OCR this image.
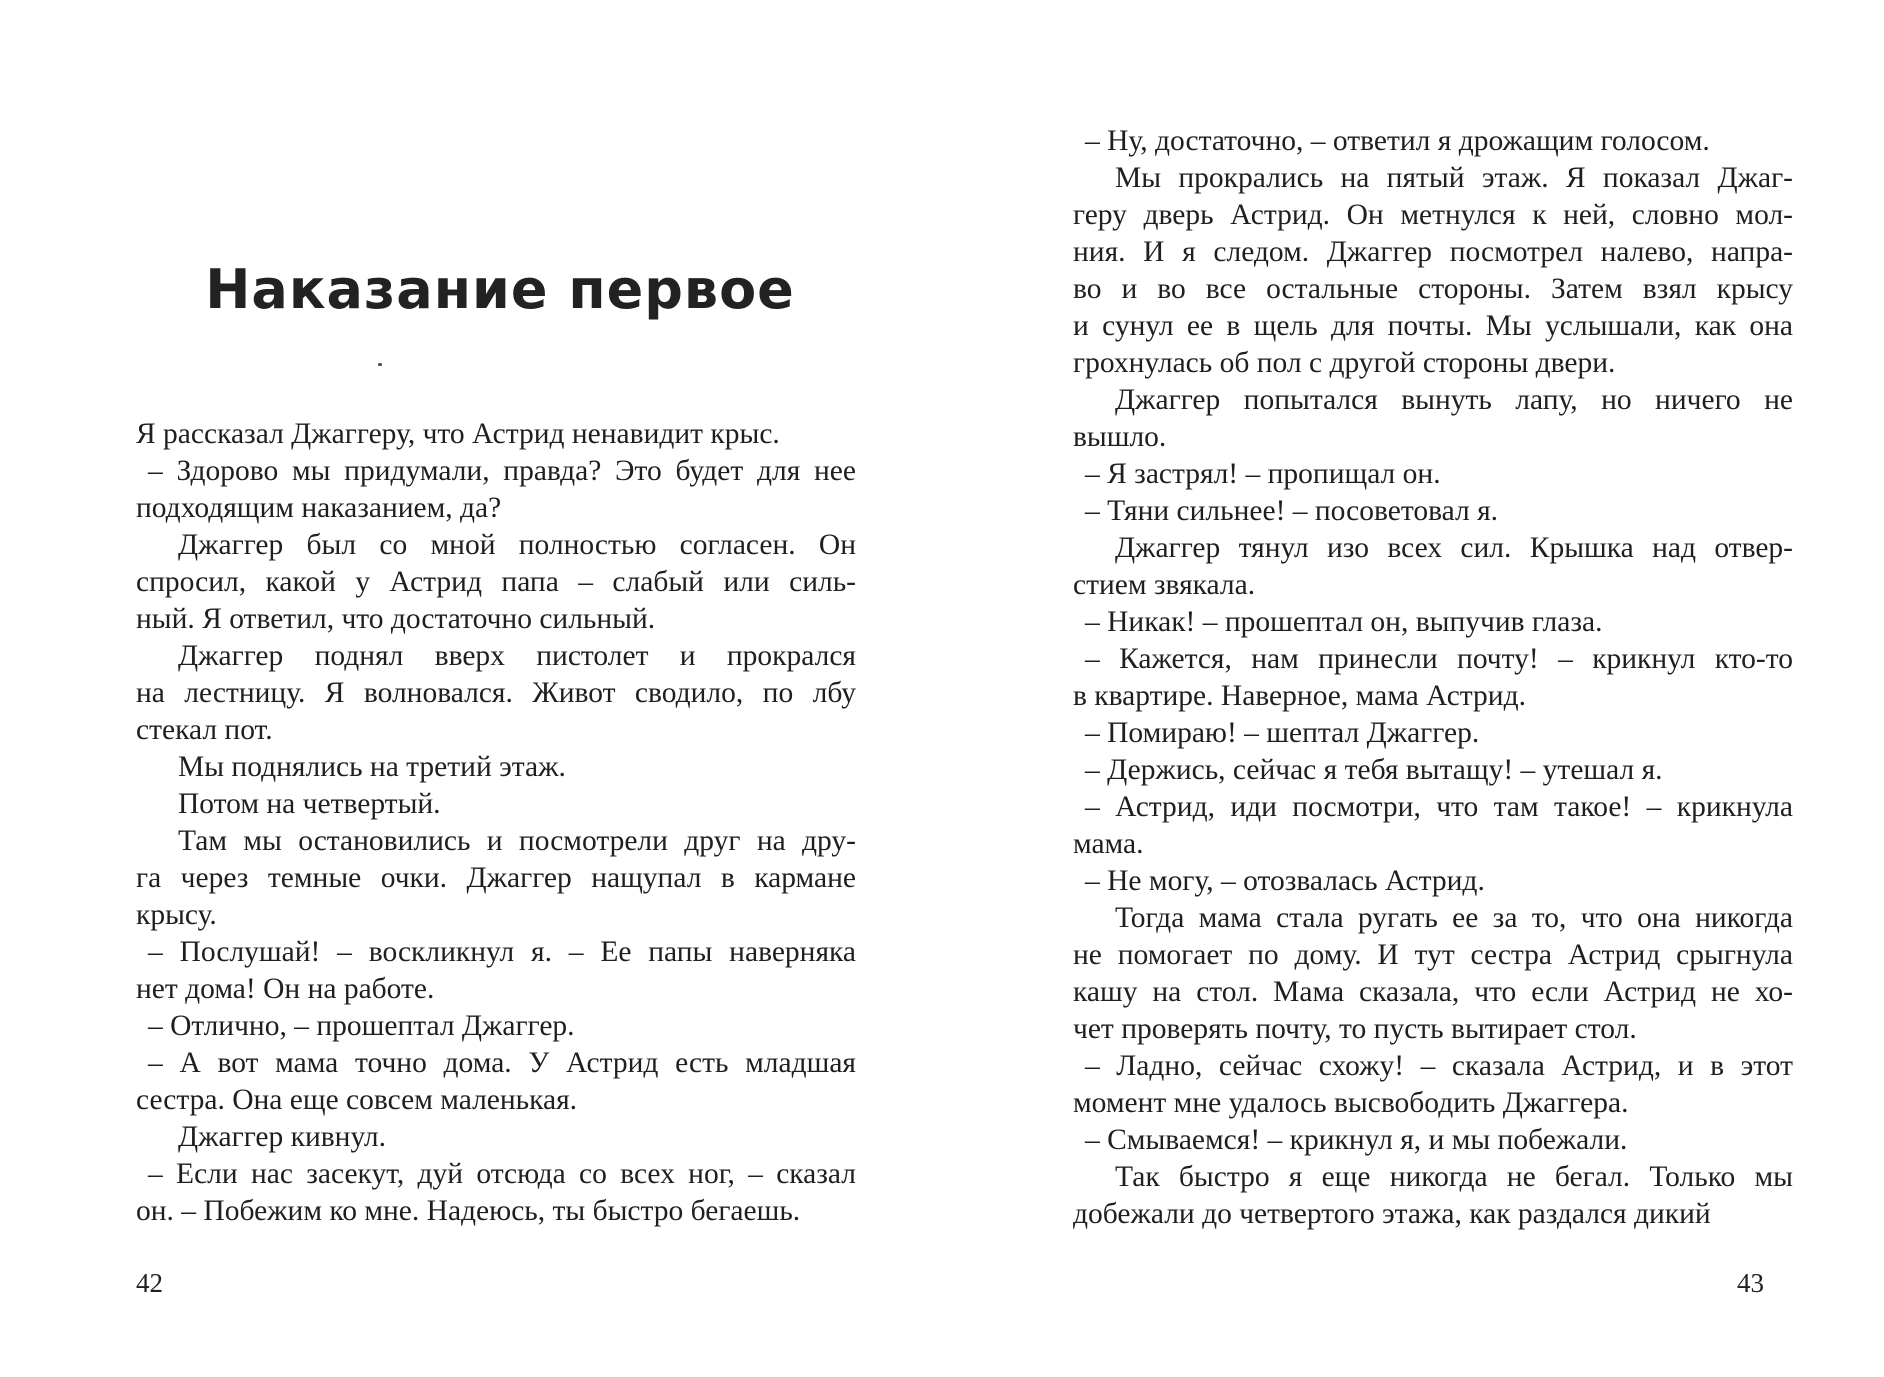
Наказание первое
Я рассказал Джаггеру, что Астрид ненавидит крыс.
– Здорово мы придумали, правда? Это будет для нее
подходящим наказанием, да?
Джаггер был со мной полностью согласен. Он
спросил, какой у Астрид папа – слабый или силь-
ный. Я ответил, что достаточно сильный.
Джаггер поднял вверх пистолет и прокрался
на лестницу. Я волновался. Живот сводило, по лбу
стекал пот.
Мы поднялись на третий этаж.
Потом на четвертый.
Там мы остановились и посмотрели друг на дру-
га через темные очки. Джаггер нащупал в кармане
крысу.
– Послушай! – воскликнул я. – Ее папы наверняка
нет дома! Он на работе.
– Отлично, – прошептал Джаггер.
– А вот мама точно дома. У Астрид есть младшая
сестра. Она еще совсем маленькая.
Джаггер кивнул.
– Если нас засекут, дуй отсюда со всех ног, – сказал
он. – Побежим ко мне. Надеюсь, ты быстро бегаешь.
42
– Ну, достаточно, – ответил я дрожащим голосом.
Мы прокрались на пятый этаж. Я показал Джаг-
геру дверь Астрид. Он метнулся к ней, словно мол-
ния. И я следом. Джаггер посмотрел налево, напра-
во и во все остальные стороны. Затем взял крысу
и сунул ее в щель для почты. Мы услышали, как она
грохнулась об пол с другой стороны двери.
Джаггер попытался вынуть лапу, но ничего не
вышло.
– Я застрял! – пропищал он.
– Тяни сильнее! – посоветовал я.
Джаггер тянул изо всех сил. Крышка над отвер-
стием звякала.
– Никак! – прошептал он, выпучив глаза.
– Кажется, нам принесли почту! – крикнул кто-то
в квартире. Наверное, мама Астрид.
– Помираю! – шептал Джаггер.
– Держись, сейчас я тебя вытащу! – утешал я.
– Астрид, иди посмотри, что там такое! – крикнула
мама.
– Не могу, – отозвалась Астрид.
Тогда мама стала ругать ее за то, что она никогда
не помогает по дому. И тут сестра Астрид срыгнула
кашу на стол. Мама сказала, что если Астрид не хо-
чет проверять почту, то пусть вытирает стол.
– Ладно, сейчас схожу! – сказала Астрид, и в этот
момент мне удалось высвободить Джаггера.
– Смываемся! – крикнул я, и мы побежали.
Так быстро я еще никогда не бегал. Только мы
добежали до четвертого этажа, как раздался дикий
43
